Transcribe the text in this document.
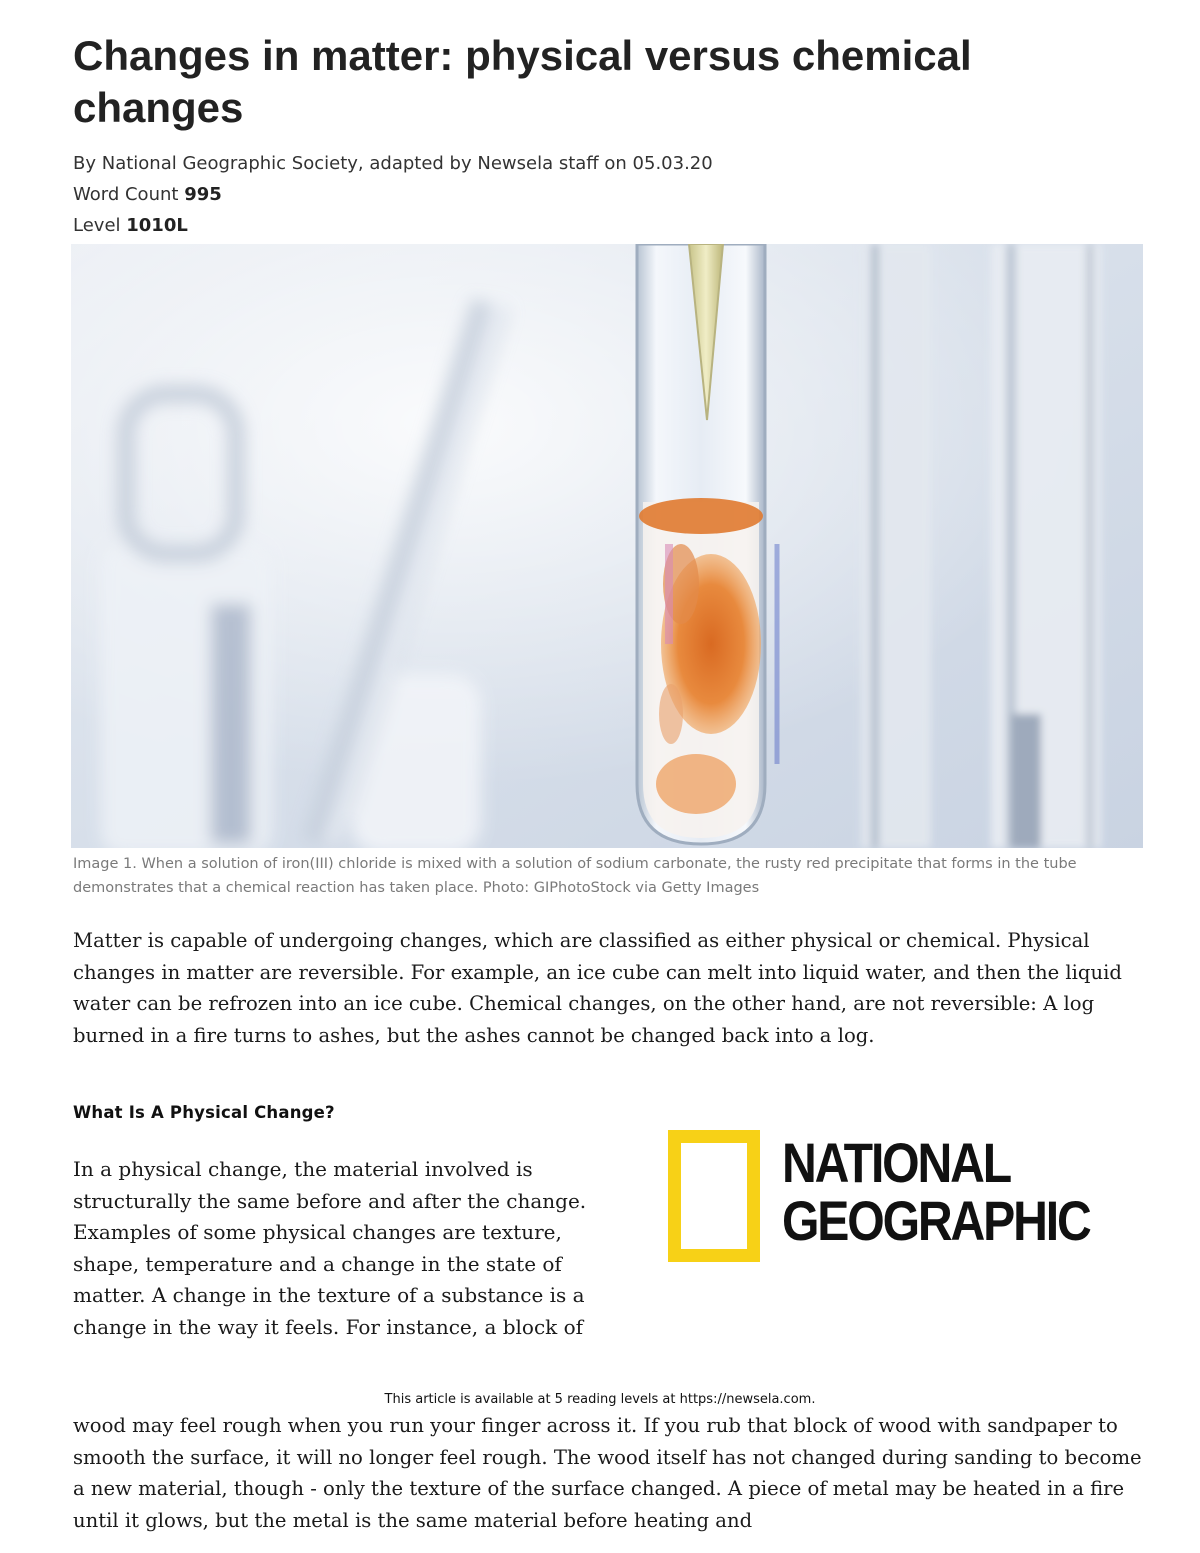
Changes in matter: physical versus chemical changes
By National Geographic Society, adapted by Newsela staff on 05.03.20
Word Count 995
Level 1010L
Image 1. When a solution of iron(III) chloride is mixed with a solution of sodium carbonate, the rusty red precipitate that forms in the tube demonstrates that a chemical reaction has taken place. Photo: GIPhotoStock via Getty Images

Matter is capable of undergoing changes, which are classified as either physical or chemical. Physical changes in matter are reversible. For example, an ice cube can melt into liquid water, and then the liquid water can be refrozen into an ice cube. Chemical changes, on the other hand, are not reversible: A log burned in a fire turns to ashes, but the ashes cannot be changed back into a log.

What Is A Physical Change?

In a physical change, the material involved is structurally the same before and after the change. Examples of some physical changes are texture, shape, temperature and a change in the state of matter. A change in the texture of a substance is a change in the way it feels. For instance, a block of

NATIONAL
GEOGRAPHIC
This article is available at 5 reading levels at https://newsela.com.

wood may feel rough when you run your finger across it. If you rub that block of wood with sandpaper to smooth the surface, it will no longer feel rough. The wood itself has not changed during sanding to become a new material, though - only the texture of the surface changed. A piece of metal may be heated in a fire until it glows, but the metal is the same material before heating and
